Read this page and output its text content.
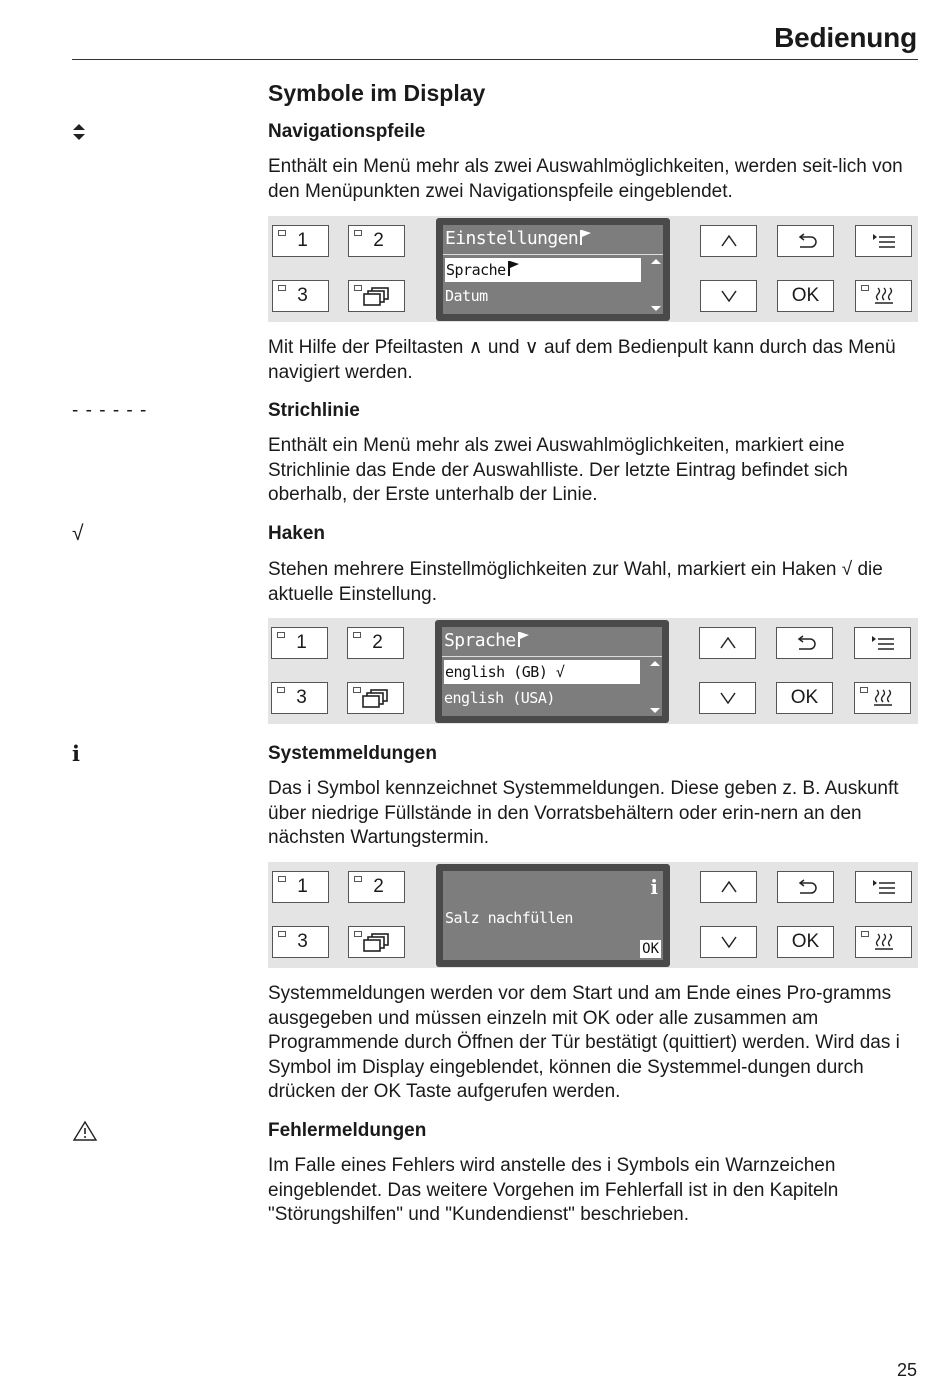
Bedienung
Symbole im Display
Navigationspfeile
Enthält ein Menü mehr als zwei Auswahlmöglichkeiten, werden seit-lich von den Menüpunkten zwei Navigationspfeile eingeblendet.
1	2
3
Einstellungen
Sprache
Datum	OK
Mit Hilfe der Pfeiltasten ∧ und ∨ auf dem Bedienpult kann durch das Menü navigiert werden.
- - - - - -	Strichlinie
Enthält ein Menü mehr als zwei Auswahlmöglichkeiten, markiert eine Strichlinie das Ende der Auswahlliste. Der letzte Eintrag befindet sich oberhalb, der Erste unterhalb der Linie.
√	Haken
Stehen mehrere Einstellmöglichkeiten zur Wahl, markiert ein Haken √ die aktuelle Einstellung.
1	2
3
Sprache
english (GB) √
english (USA)	OK
i	Systemmeldungen
Das i Symbol kennzeichnet Systemmeldungen. Diese geben z. B. Auskunft über niedrige Füllstände in den Vorratsbehältern oder erin-nern an den nächsten Wartungstermin.
1	2
3
i
Salz nachfüllen
OK	OK
Systemmeldungen werden vor dem Start und am Ende eines Pro-gramms ausgegeben und müssen einzeln mit OK oder alle zusammen am Programmende durch Öffnen der Tür bestätigt (quittiert) werden. Wird das i Symbol im Display eingeblendet, können die Systemmel-dungen durch drücken der OK Taste aufgerufen werden.
Fehlermeldungen
Im Falle eines Fehlers wird anstelle des i Symbols ein Warnzeichen eingeblendet. Das weitere Vorgehen im Fehlerfall ist in den Kapiteln "Störungshilfen" und "Kundendienst" beschrieben.
25
